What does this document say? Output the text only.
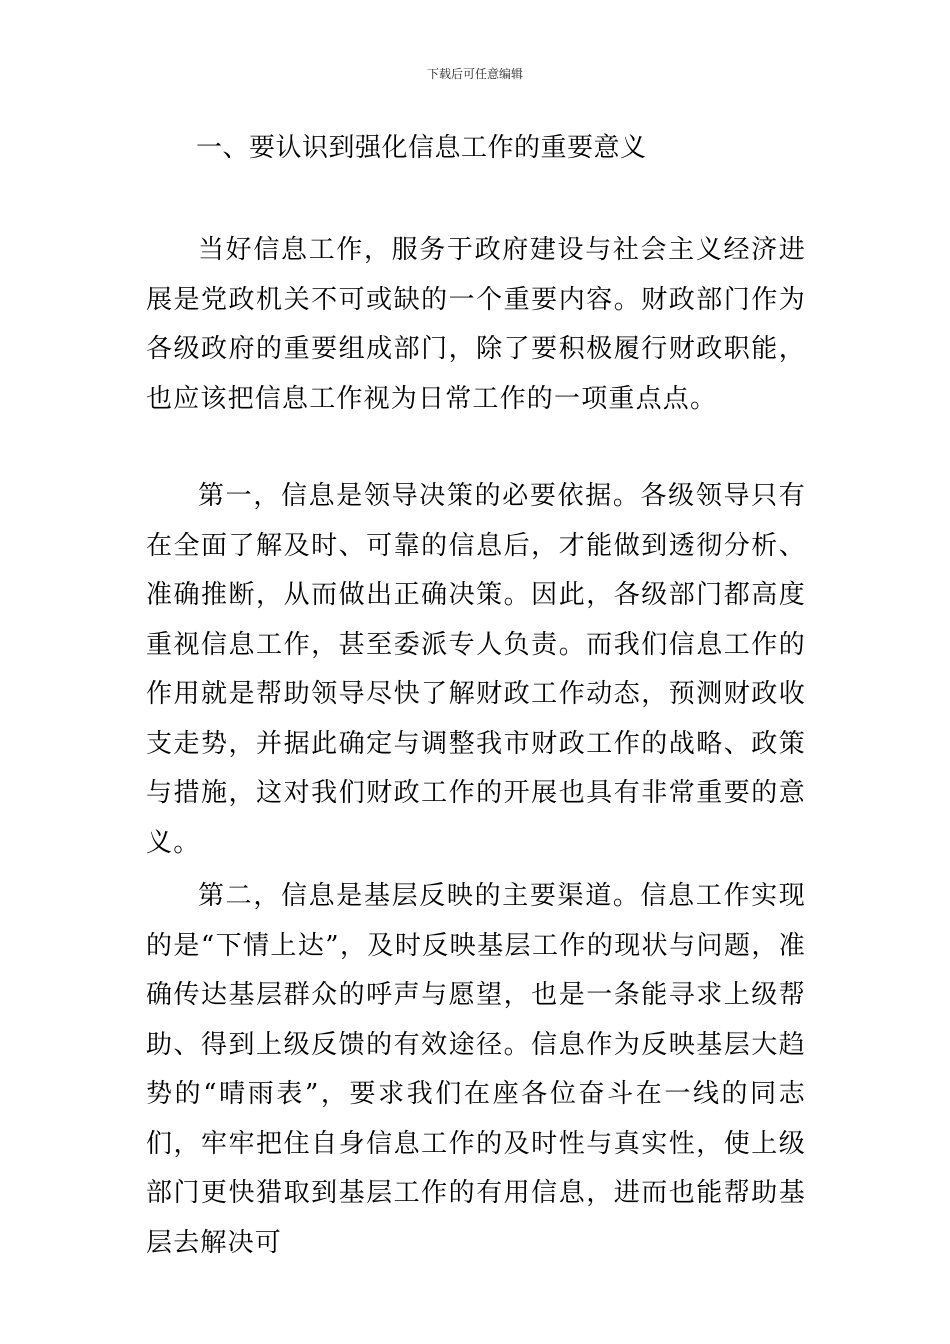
下载后可任意编辑
一、要认识到强化信息工作的重要意义

当好信息工作，服务于政府建设与社会主义经济进展是党政机关不可或缺的一个重要内容。财政部门作为各级政府的重要组成部门，除了要积极履行财政职能，也应该把信息工作视为日常工作的一项重点点。

第一，信息是领导决策的必要依据。各级领导只有在全面了解及时、可靠的信息后，才能做到透彻分析、准确推断，从而做出正确决策。因此，各级部门都高度重视信息工作，甚至委派专人负责。而我们信息工作的作用就是帮助领导尽快了解财政工作动态，预测财政收支走势，并据此确定与调整我市财政工作的战略、政策与措施，这对我们财政工作的开展也具有非常重要的意义。

第二，信息是基层反映的主要渠道。信息工作实现的是“下情上达”，及时反映基层工作的现状与问题，准确传达基层群众的呼声与愿望，也是一条能寻求上级帮助、得到上级反馈的有效途径。信息作为反映基层大趋势的“晴雨表”，要求我们在座各位奋斗在一线的同志们，牢牢把住自身信息工作的及时性与真实性，使上级部门更快猎取到基层工作的有用信息，进而也能帮助基层去解决可
